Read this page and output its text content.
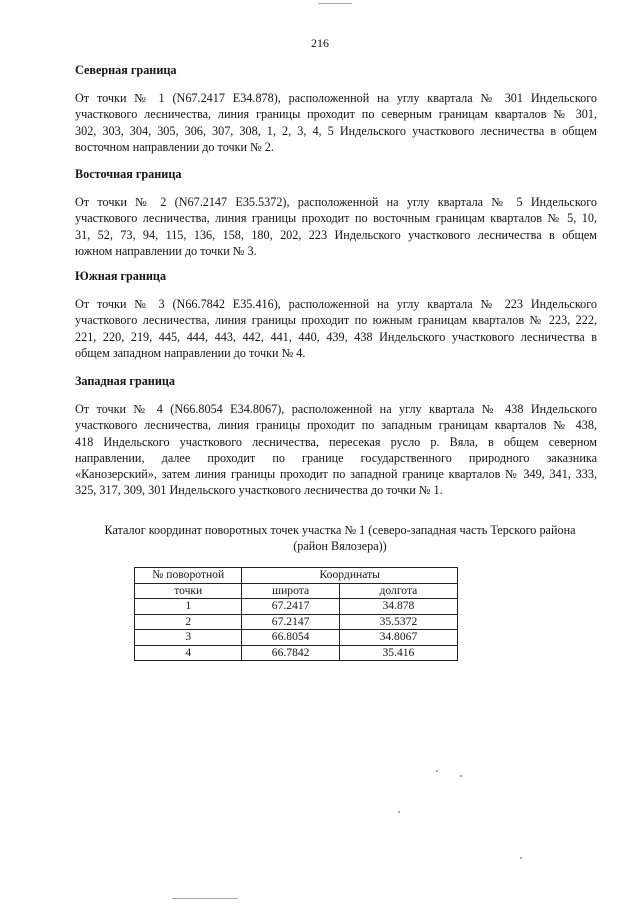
216
Северная граница
От точки № 1 (N67.2417 E34.878), расположенной на углу квартала № 301 Индельского
участкового лесничества, линия границы проходит по северным границам кварталов № 301,
302, 303, 304, 305, 306, 307, 308, 1, 2, 3, 4, 5 Индельского участкового лесничества в общем
восточном направлении до точки № 2.
Восточная граница
От точки № 2 (N67.2147 E35.5372), расположенной на углу квартала № 5 Индельского
участкового лесничества, линия границы проходит по восточным границам кварталов № 5, 10,
31, 52, 73, 94, 115, 136, 158, 180, 202, 223 Индельского участкового лесничества в общем
южном направлении до точки № 3.
Южная граница
От точки № 3 (N66.7842 E35.416), расположенной на углу квартала № 223 Индельского
участкового лесничества, линия границы проходит по южным границам кварталов № 223, 222,
221, 220, 219, 445, 444, 443, 442, 441, 440, 439, 438 Индельского участкового лесничества в
общем западном направлении до точки № 4.
Западная граница
От точки № 4 (N66.8054 E34.8067), расположенной на углу квартала № 438 Индельского
участкового лесничества, линия границы проходит по западным границам кварталов № 438,
418 Индельского участкового лесничества, пересекая русло р. Вяла, в общем северном
направлении, далее проходит по границе государственного природного заказника
«Канозерский», затем линия границы проходит по западной границе кварталов № 349, 341, 333,
325, 317, 309, 301 Индельского участкового лесничества до точки № 1.
Каталог координат поворотных точек участка № 1 (северо-западная часть Терского района
(район Вялозера))
№ поворотной	Координаты	
точки	широта	долгота
1	67.2417	34.878
2	67.2147	35.5372
3	66.8054	34.8067
4	66.7842	35.416
